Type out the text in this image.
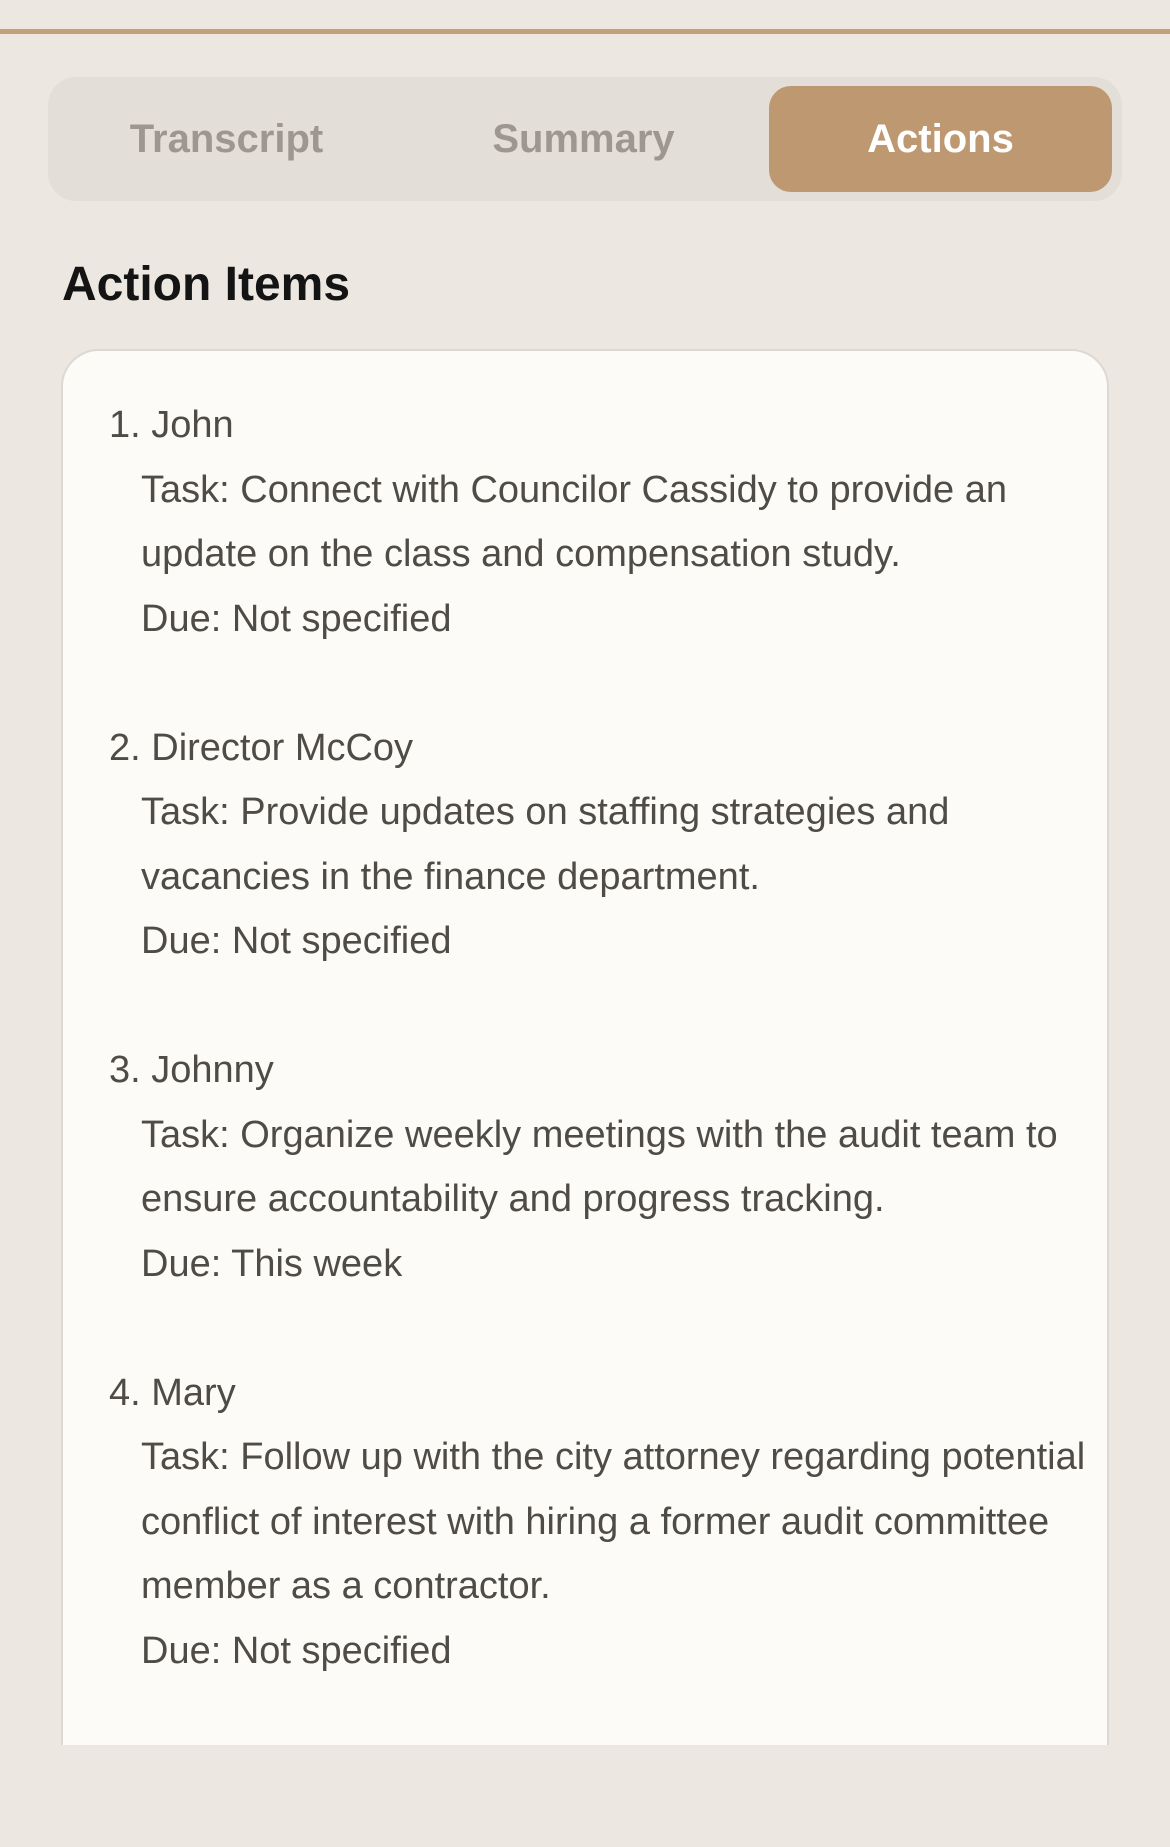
Transcript	Summary	Actions
Action Items
1. John
Task: Connect with Councilor Cassidy to provide an update on the class and compensation study.
Due: Not specified
2. Director McCoy
Task: Provide updates on staffing strategies and vacancies in the finance department.
Due: Not specified
3. Johnny
Task: Organize weekly meetings with the audit team to ensure accountability and progress tracking.
Due: This week
4. Mary
Task: Follow up with the city attorney regarding potential conflict of interest with hiring a former audit committee member as a contractor.
Due: Not specified
